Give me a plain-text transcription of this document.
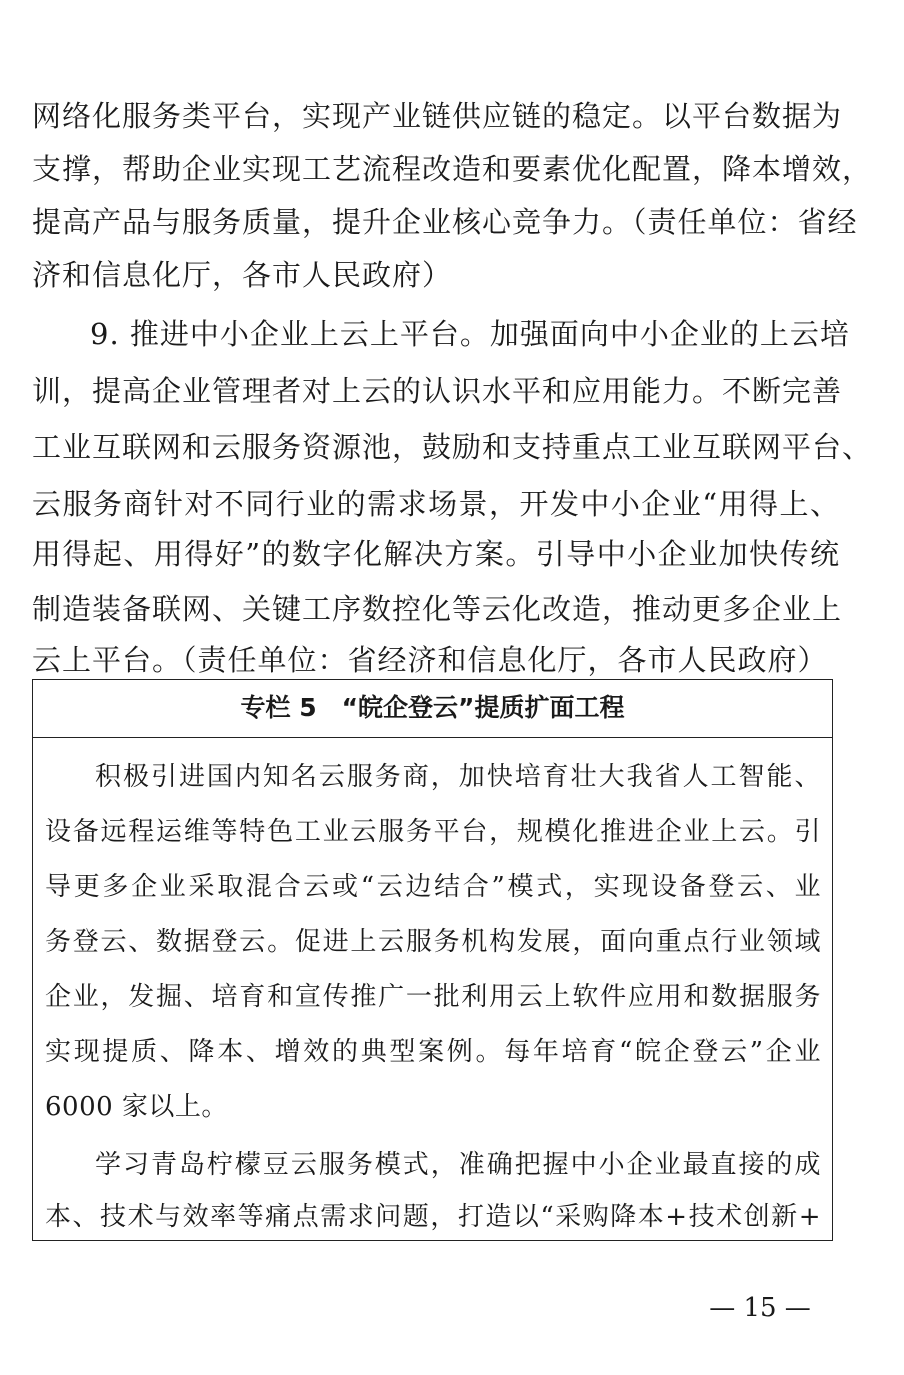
网络化服务类平台，实现产业链供应链的稳定。以平台数据为
支撑，帮助企业实现工艺流程改造和要素优化配置，降本增效，
提高产品与服务质量，提升企业核心竞争力。（责任单位：省经
济和信息化厅，各市人民政府）
9. 推进中小企业上云上平台。加强面向中小企业的上云培
训，提高企业管理者对上云的认识水平和应用能力。不断完善
工业互联网和云服务资源池，鼓励和支持重点工业互联网平台、
云服务商针对不同行业的需求场景，开发中小企业“用得上、
用得起、用得好”的数字化解决方案。引导中小企业加快传统
制造装备联网、关键工序数控化等云化改造，推动更多企业上
云上平台。（责任单位：省经济和信息化厅，各市人民政府）
专栏 5　“皖企登云”提质扩面工程
积极引进国内知名云服务商，加快培育壮大我省人工智能、
设备远程运维等特色工业云服务平台，规模化推进企业上云。引
导更多企业采取混合云或“云边结合”模式，实现设备登云、业
务登云、数据登云。促进上云服务机构发展，面向重点行业领域
企业，发掘、培育和宣传推广一批利用云上软件应用和数据服务
实现提质、降本、增效的典型案例。每年培育“皖企登云”企业
6000 家以上。
学习青岛柠檬豆云服务模式，准确把握中小企业最直接的成
本、技术与效率等痛点需求问题，打造以“采购降本+技术创新+
— 15 —
